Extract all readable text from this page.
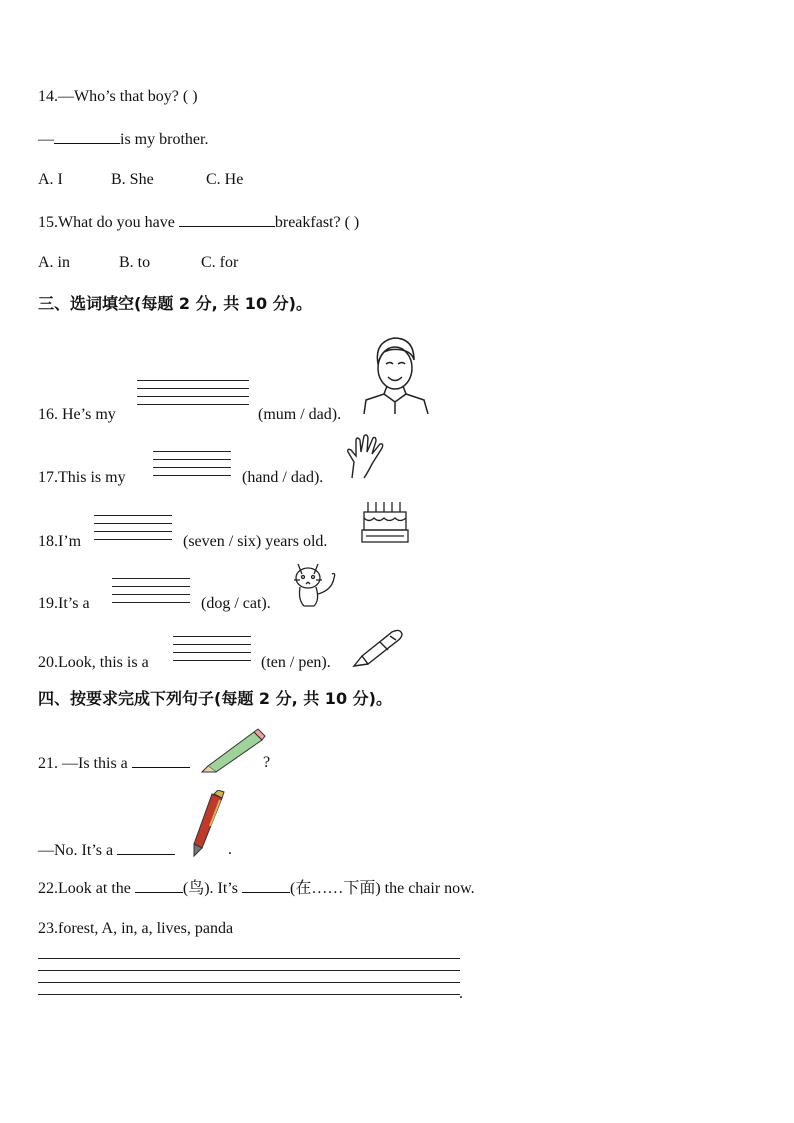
14.—Who’s that boy? ( )
—	is my brother.
A. I	B. She	C. He
15.What do you have	breakfast? ( )
A. in	B. to	C. for
三、选词填空(每题 2 分, 共 10 分)。
16. He’s my	(mum / dad).
17.This is my	(hand / dad).
18.I’m	(seven / six) years old.
19.It’s a	(dog / cat).
20.Look, this is a	(ten / pen).
四、按要求完成下列句子(每题 2 分, 共 10 分)。
21. —Is this a	?
—No. It’s a	.
22.Look at the	(鸟). It’s	(在……下面) the chair now.
23.forest, A, in, a, lives, panda
.
